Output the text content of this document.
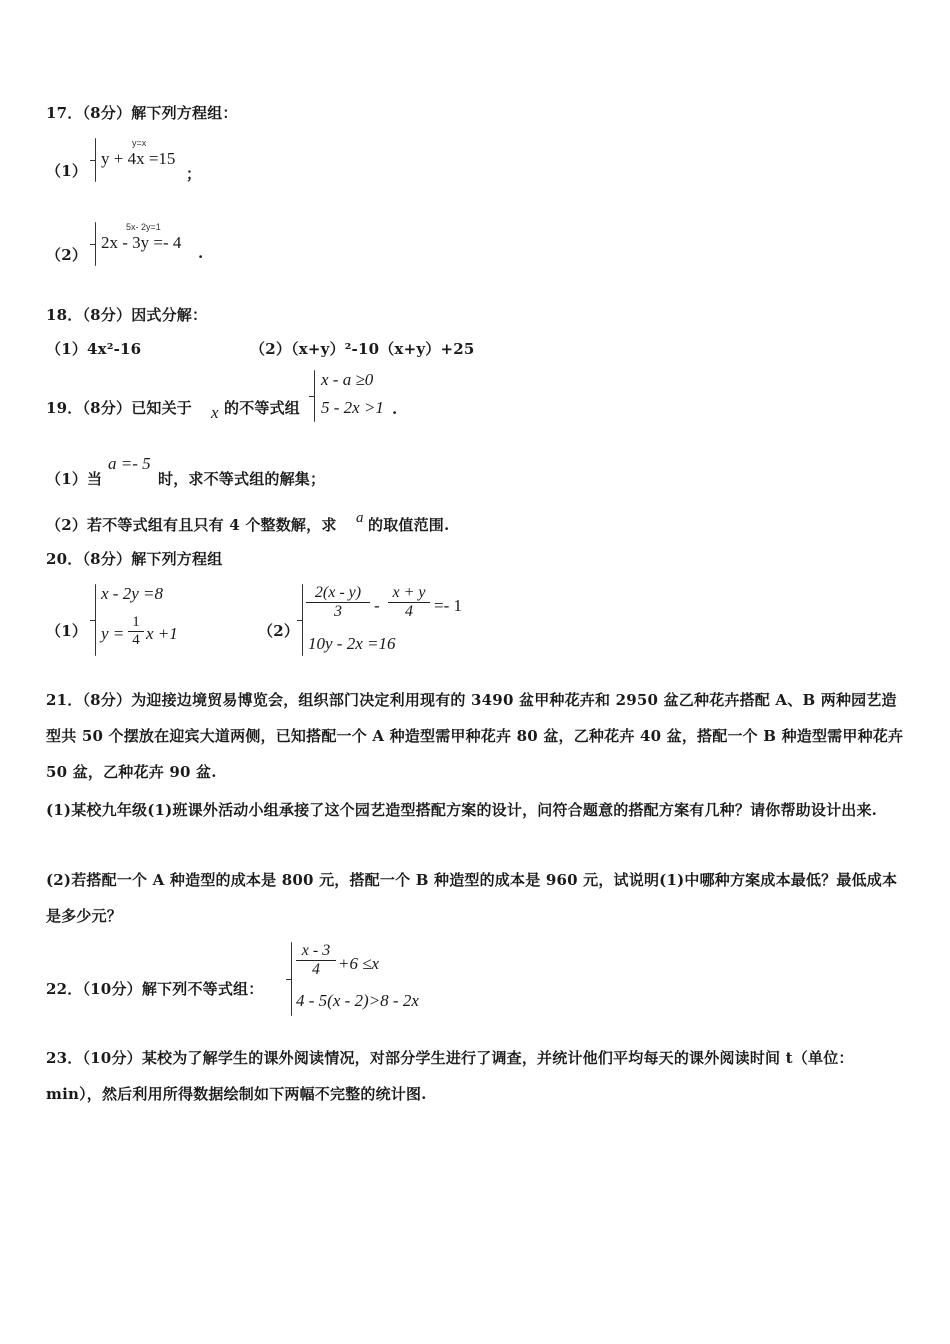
17．（8分）解下列方程组：
（1）
y=x
y + 4x =15
；
（2）
5x- 2y=1
2x - 3y =- 4
.
18．（8分）因式分解：
（1）4x²-16	（2）（x+y）²-10（x+y）+25
19．（8分）已知关于 x 的不等式组
x - a ≥0
5 - 2x >1 .
（1）当
a =- 5
时，求不等式组的解集；
（2）若不等式组有且只有 4 个整数解，求 a 的取值范围.
20．（8分）解下列方程组
（1）
x - 2y =8
$y = \frac{1}{4}$ x +1	（2）
$\frac{2(x - y)}{3} - \frac{x + y}{4} =- 1$
10y - 2x =16
21．（8分）为迎接边境贸易博览会，组织部门决定利用现有的 3490 盆甲种花卉和 2950 盆乙种花卉搭配 A、B 两种园艺造型共 50 个摆放在迎宾大道两侧，已知搭配一个 A 种造型需甲种花卉 80 盆，乙种花卉 40 盆，搭配一个 B 种造型需甲种花卉 50 盆，乙种花卉 90 盆.
(1)某校九年级(1)班课外活动小组承接了这个园艺造型搭配方案的设计，问符合题意的搭配方案有几种？请你帮助设计出来.
(2)若搭配一个 A 种造型的成本是 800 元，搭配一个 B 种造型的成本是 960 元，试说明(1)中哪种方案成本最低？最低成本是多少元？
22．（10分）解下列不等式组：
$\frac{x - 3}{4} +6 \le x$
4 - 5(x - 2)>8 - 2x
23．（10分）某校为了解学生的课外阅读情况，对部分学生进行了调查，并统计他们平均每天的课外阅读时间 t（单位：min），然后利用所得数据绘制如下两幅不完整的统计图.
